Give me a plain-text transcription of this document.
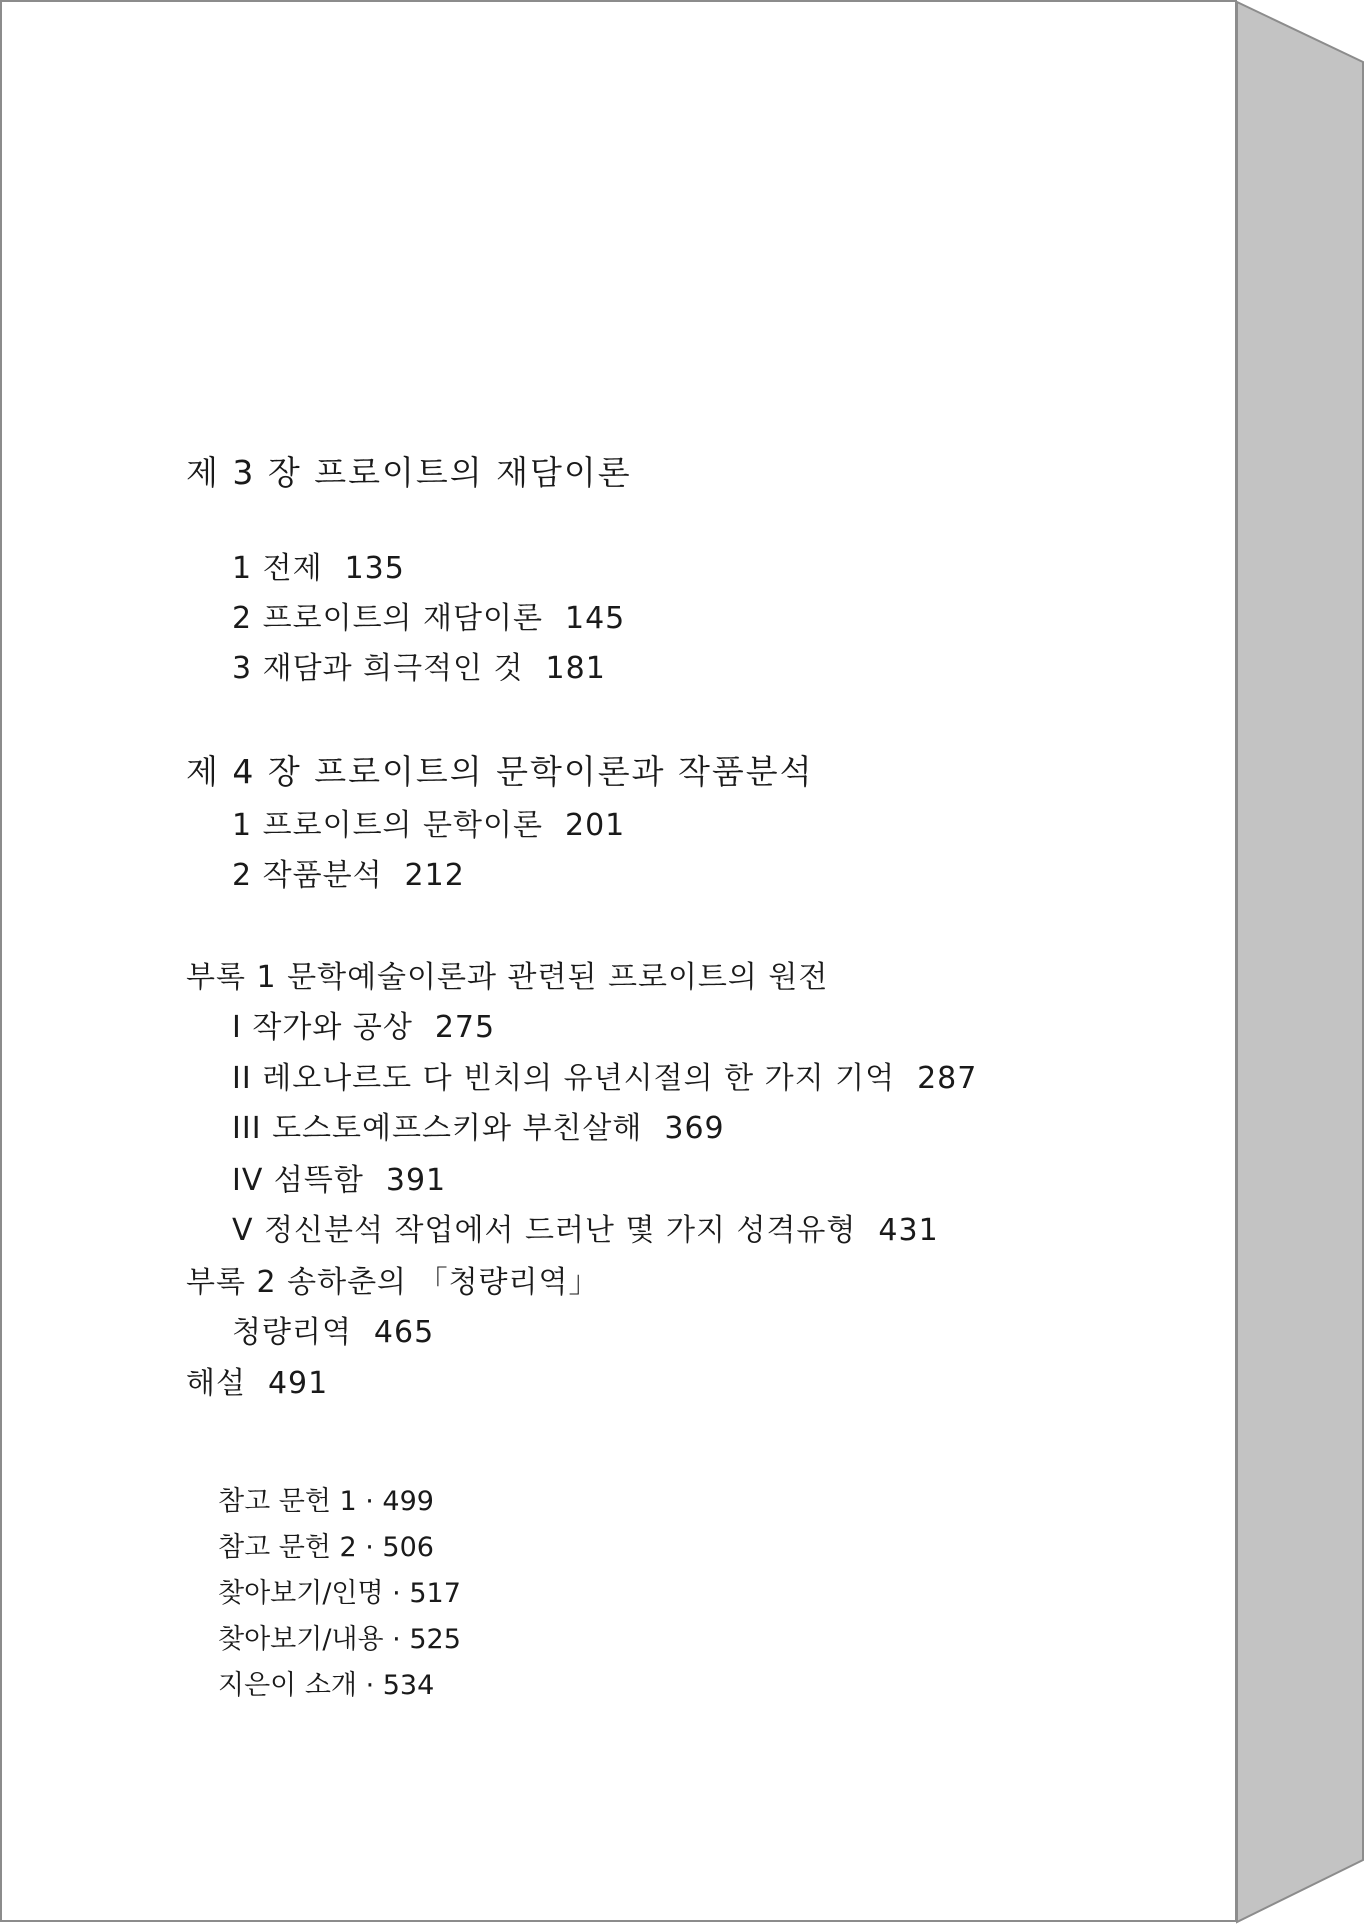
제 3 장 프로이트의 재담이론
1 전제 135
2 프로이트의 재담이론 145
3 재담과 희극적인 것 181
제 4 장 프로이트의 문학이론과 작품분석
1 프로이트의 문학이론 201
2 작품분석 212
부록 1 문학예술이론과 관련된 프로이트의 원전
I 작가와 공상 275
II 레오나르도 다 빈치의 유년시절의 한 가지 기억 287
III 도스토예프스키와 부친살해 369
IV 섬뜩함 391
V 정신분석 작업에서 드러난 몇 가지 성격유형 431
부록 2 송하춘의 「청량리역」
청량리역 465
해설 491
참고 문헌 1 · 499
참고 문헌 2 · 506
찾아보기/인명 · 517
찾아보기/내용 · 525
지은이 소개 · 534
